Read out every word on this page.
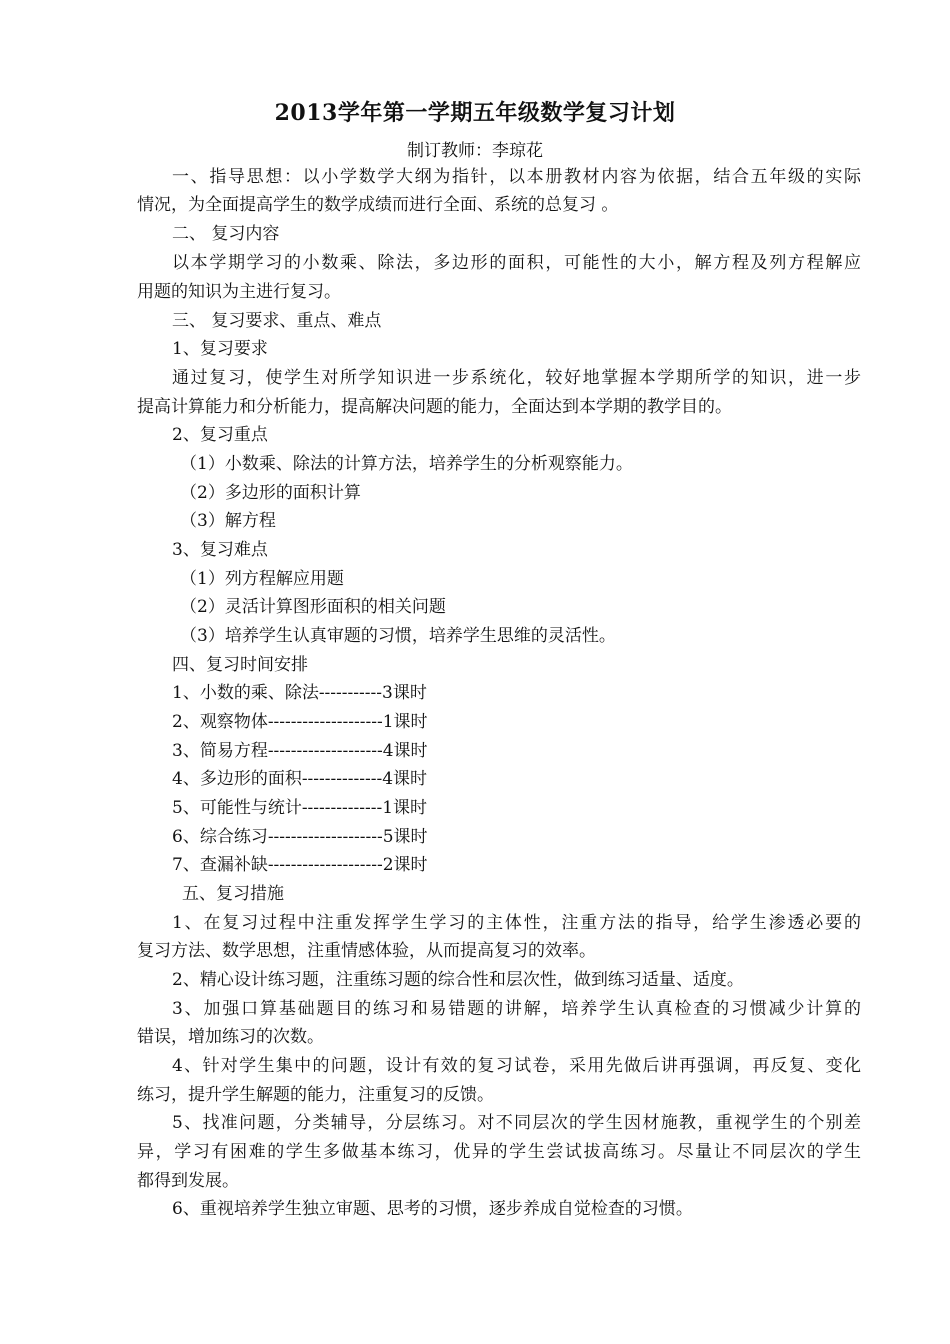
2013学年第一学期五年级数学复习计划
制订教师：李琼花
一、指导思想：以小学数学大纲为指针，以本册教材内容为依据，结合五年级的实际
情况，为全面提高学生的数学成绩而进行全面、系统的总复习 。
二、 复习内容
以本学期学习的小数乘、除法，多边形的面积，可能性的大小，解方程及列方程解应
用题的知识为主进行复习。
三、 复习要求、重点、难点
1、复习要求
通过复习，使学生对所学知识进一步系统化，较好地掌握本学期所学的知识，进一步
提高计算能力和分析能力，提高解决问题的能力，全面达到本学期的教学目的。
2、复习重点
（1）小数乘、除法的计算方法，培养学生的分析观察能力。
（2）多边形的面积计算
（3）解方程
3、复习难点
（1）列方程解应用题
（2）灵活计算图形面积的相关问题
（3）培养学生认真审题的习惯，培养学生思维的灵活性。
四、复习时间安排
1、小数的乘、除法-----------3课时
2、观察物体--------------------1课时
3、简易方程--------------------4课时
4、多边形的面积--------------4课时
5、可能性与统计--------------1课时
6、综合练习--------------------5课时
7、查漏补缺--------------------2课时
五、复习措施
1、在复习过程中注重发挥学生学习的主体性，注重方法的指导，给学生渗透必要的
复习方法、数学思想，注重情感体验，从而提高复习的效率。
2、精心设计练习题，注重练习题的综合性和层次性，做到练习适量、适度。
3、加强口算基础题目的练习和易错题的讲解，培养学生认真检查的习惯减少计算的
错误，增加练习的次数。
4、针对学生集中的问题，设计有效的复习试卷，采用先做后讲再强调，再反复、变化
练习，提升学生解题的能力，注重复习的反馈。
5、找准问题，分类辅导，分层练习。对不同层次的学生因材施教，重视学生的个别差
异，学习有困难的学生多做基本练习，优异的学生尝试拔高练习。尽量让不同层次的学生
都得到发展。
6、重视培养学生独立审题、思考的习惯，逐步养成自觉检查的习惯。
